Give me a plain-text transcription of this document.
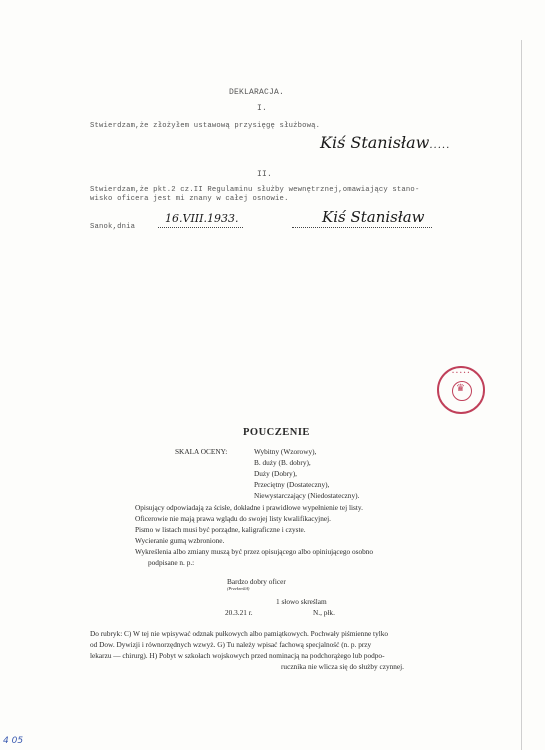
DEKLARACJA.
I.
Stwierdzam,że złożyłem ustawową przysięgę służbową.
Kiś Stanisław.....
II.
Stwierdzam,że pkt.2 cz.II Regulaminu służby wewnętrznej,omawiający stano-
wisko oficera jest mi znany w całej osnowie.
Sanok,dnia
16.VIII.1933.	Kiś Stanisław
• • • • •
♛
POUCZENIE
SKALA OCENY:	Wybitny (Wzorowy),
B. duży (B. dobry),
Duży (Dobry),
Przeciętny (Dostateczny),
Niewystarczający (Niedostateczny).
Opisujący odpowiadają za ścisłe, dokładne i prawidłowe wypełnienie tej listy.
Oficerowie nie mają prawa wglądu do swojej listy kwalifikacyjnej.
Pismo w listach musi być porządne, kaligraficzne i czyste.
Wycieranie gumą wzbronione.
Wykreślenia albo zmiany muszą być przez opisującego albo opiniującego osobno
podpisane n. p.:
Bardzo dobry oficer
(Przekreślił)
1 słowo skreślam
20.3.21 r.	N., płk.
Do rubryk: C) W tej nie wpisywać odznak pułkowych albo pamiątkowych. Pochwały piśmienne tylko
od Dow. Dywizji i równorzędnych wzwyż. G) Tu należy wpisać fachową specjalność (n. p. przy
lekarzu — chirurg). H) Pobyt w szkołach wojskowych przed nominacją na podchorążego lub podpo-
rucznika nie wlicza się do służby czynnej.
4 05
